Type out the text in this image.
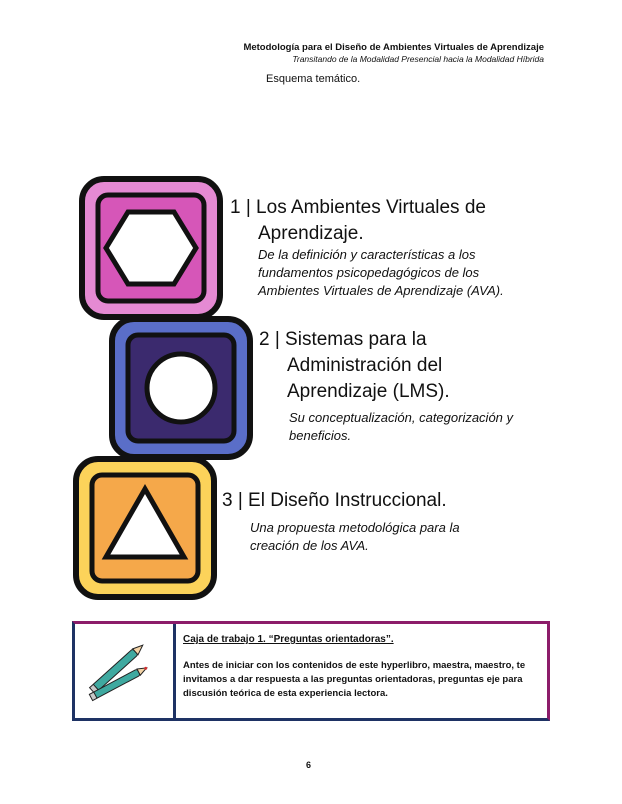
Metodología para el Diseño de Ambientes Virtuales de Aprendizaje
Transitando de la Modalidad Presencial hacia la Modalidad Híbrida
Esquema temático.
1 | Los Ambientes Virtuales de
Aprendizaje.
De la definición y características a los
fundamentos psicopedagógicos de los
Ambientes Virtuales de Aprendizaje (AVA).
2 | Sistemas para la
Administración del
Aprendizaje (LMS).
Su conceptualización, categorización y
beneficios.
3 | El Diseño Instruccional.
Una propuesta metodológica para la
creación de los AVA.
Caja de trabajo 1. “Preguntas orientadoras”.
Antes de iniciar con los contenidos de este hyperlibro, maestra, maestro, te invitamos a dar respuesta a las preguntas orientadoras, preguntas eje para discusión teórica de esta experiencia lectora.
6
